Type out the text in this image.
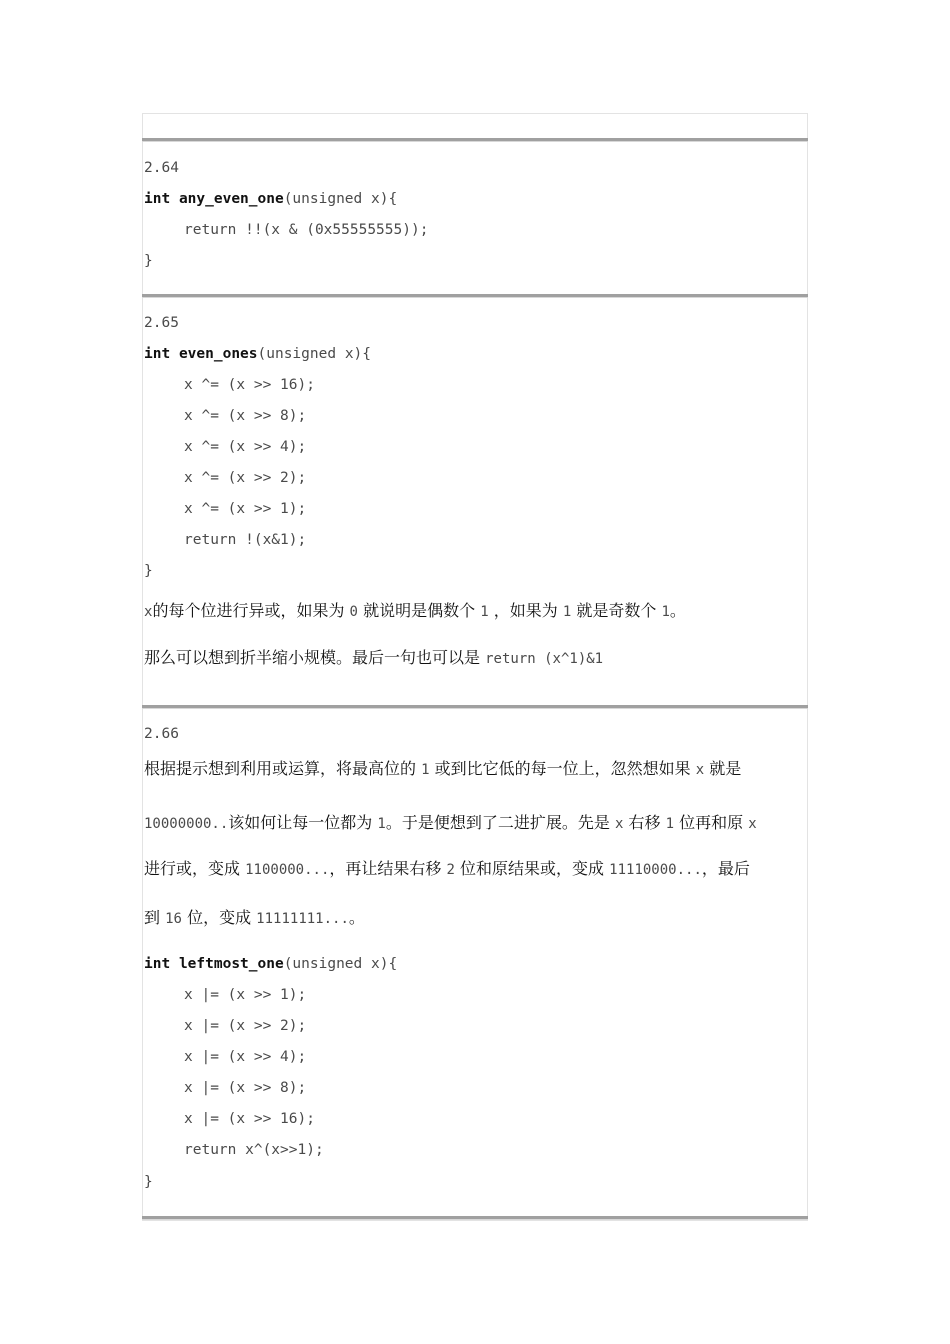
2.64
int any_even_one(unsigned x){
return !!(x & (0x55555555));
}
2.65
int even_ones(unsigned x){
x ^= (x >> 16);
x ^= (x >> 8);
x ^= (x >> 4);
x ^= (x >> 2);
x ^= (x >> 1);
return !(x&1);
}
x的每个位进行异或，如果为 0 就说明是偶数个 1 ，如果为 1 就是奇数个 1。
那么可以想到折半缩小规模。最后一句也可以是 return (x^1)&1
2.66
根据提示想到利用或运算，将最高位的 1 或到比它低的每一位上，忽然想如果 x 就是
10000000..该如何让每一位都为 1。于是便想到了二进扩展。先是 x 右移 1 位再和原 x
进行或，变成 1100000...，再让结果右移 2 位和原结果或，变成 11110000...，最后
到 16 位，变成 11111111...。
int leftmost_one(unsigned x){
x |= (x >> 1);
x |= (x >> 2);
x |= (x >> 4);
x |= (x >> 8);
x |= (x >> 16);
return x^(x>>1);
}
